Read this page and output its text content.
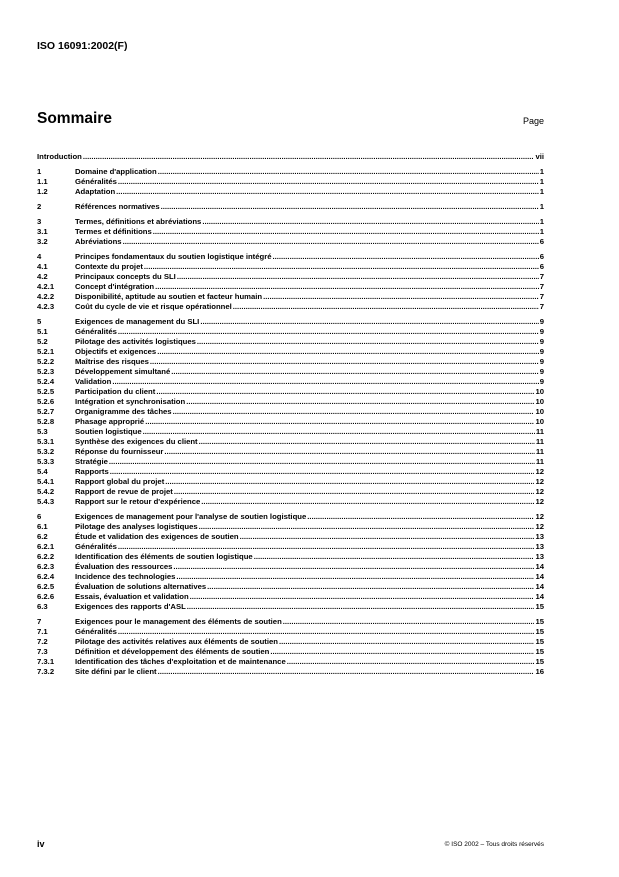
ISO 16091:2002(F)
Sommaire	Page
Introduction .....	vii
1	Domaine d'application .....	1
1.1	Généralités .....	1
1.2	Adaptation .....	1
2	Références normatives .....	1
3	Termes, définitions et abréviations .....	1
3.1	Termes et définitions .....	1
3.2	Abréviations .....	6
4	Principes fondamentaux du soutien logistique intégré .....	6
4.1	Contexte du projet .....	6
4.2	Principaux concepts du SLI .....	7
4.2.1	Concept d'intégration .....	7
4.2.2	Disponibilité, aptitude au soutien et facteur humain .....	7
4.2.3	Coût du cycle de vie et risque opérationnel .....	7
5	Exigences de management du SLI .....	9
5.1	Généralités .....	9
5.2	Pilotage des activités logistiques .....	9
5.2.1	Objectifs et exigences .....	9
5.2.2	Maîtrise des risques .....	9
5.2.3	Développement simultané .....	9
5.2.4	Validation .....	9
5.2.5	Participation du client .....	10
5.2.6	Intégration et synchronisation .....	10
5.2.7	Organigramme des tâches .....	10
5.2.8	Phasage approprié .....	10
5.3	Soutien logistique .....	11
5.3.1	Synthèse des exigences du client .....	11
5.3.2	Réponse du fournisseur .....	11
5.3.3	Stratégie .....	11
5.4	Rapports .....	12
5.4.1	Rapport global du projet .....	12
5.4.2	Rapport de revue de projet .....	12
5.4.3	Rapport sur le retour d'expérience .....	12
6	Exigences de management pour l'analyse de soutien logistique .....	12
6.1	Pilotage des analyses logistiques .....	12
6.2	Étude et validation des exigences de soutien .....	13
6.2.1	Généralités .....	13
6.2.2	Identification des éléments de soutien logistique .....	13
6.2.3	Évaluation des ressources .....	14
6.2.4	Incidence des technologies .....	14
6.2.5	Évaluation de solutions alternatives .....	14
6.2.6	Essais, évaluation et validation .....	14
6.3	Exigences des rapports d'ASL .....	15
7	Exigences pour le management des éléments de soutien .....	15
7.1	Généralités .....	15
7.2	Pilotage des activités relatives aux éléments de soutien .....	15
7.3	Définition et développement des éléments de soutien .....	15
7.3.1	Identification des tâches d'exploitation et de maintenance .....	15
7.3.2	Site défini par le client .....	16
iv	© ISO 2002 – Tous droits réservés
